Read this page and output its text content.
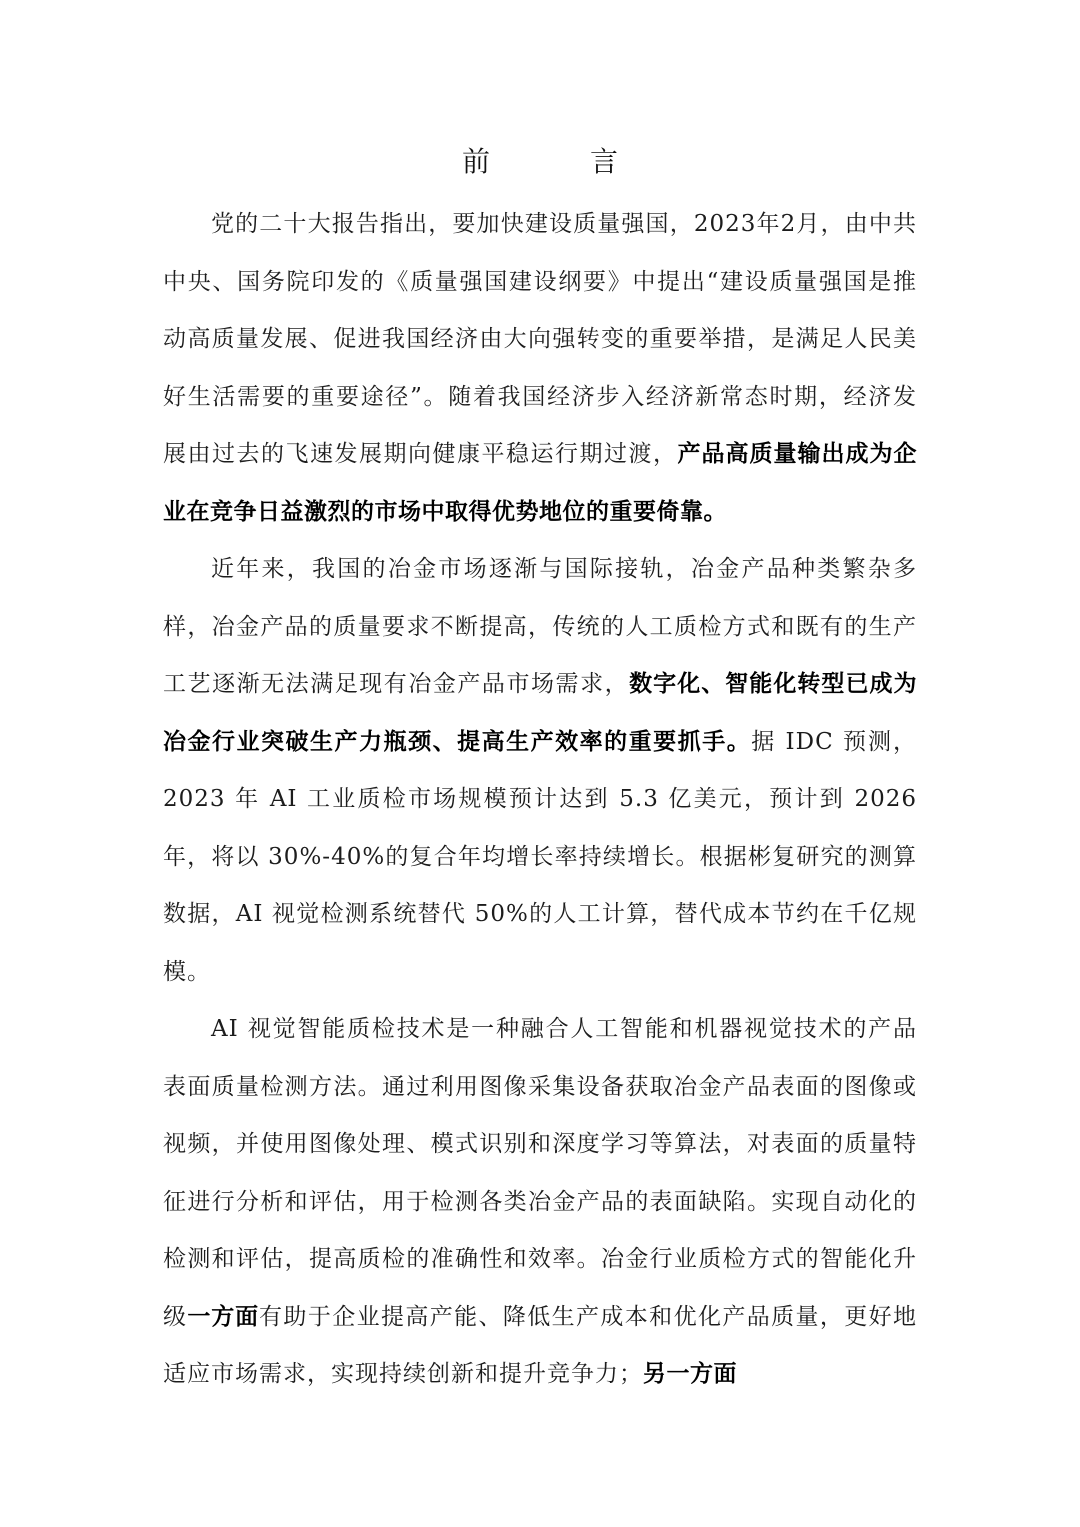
前　言

党的二十大报告指出，要加快建设质量强国，2023年2月，由中共中央、国务院印发的《质量强国建设纲要》中提出“建设质量强国是推动高质量发展、促进我国经济由大向强转变的重要举措，是满足人民美好生活需要的重要途径”。随着我国经济步入经济新常态时期，经济发展由过去的飞速发展期向健康平稳运行期过渡，产品高质量输出成为企业在竞争日益激烈的市场中取得优势地位的重要倚靠。

近年来，我国的冶金市场逐渐与国际接轨，冶金产品种类繁杂多样，冶金产品的质量要求不断提高，传统的人工质检方式和既有的生产工艺逐渐无法满足现有冶金产品市场需求，数字化、智能化转型已成为冶金行业突破生产力瓶颈、提高生产效率的重要抓手。据 IDC 预测，2023 年 AI 工业质检市场规模预计达到 5.3 亿美元，预计到 2026 年，将以 30%-40%的复合年均增长率持续增长。根据彬复研究的测算数据，AI 视觉检测系统替代 50%的人工计算，替代成本节约在千亿规模。

AI 视觉智能质检技术是一种融合人工智能和机器视觉技术的产品表面质量检测方法。通过利用图像采集设备获取冶金产品表面的图像或视频，并使用图像处理、模式识别和深度学习等算法，对表面的质量特征进行分析和评估，用于检测各类冶金产品的表面缺陷。实现自动化的检测和评估，提高质检的准确性和效率。冶金行业质检方式的智能化升级一方面有助于企业提高产能、降低生产成本和优化产品质量，更好地适应市场需求，实现持续创新和提升竞争力；另一方面
